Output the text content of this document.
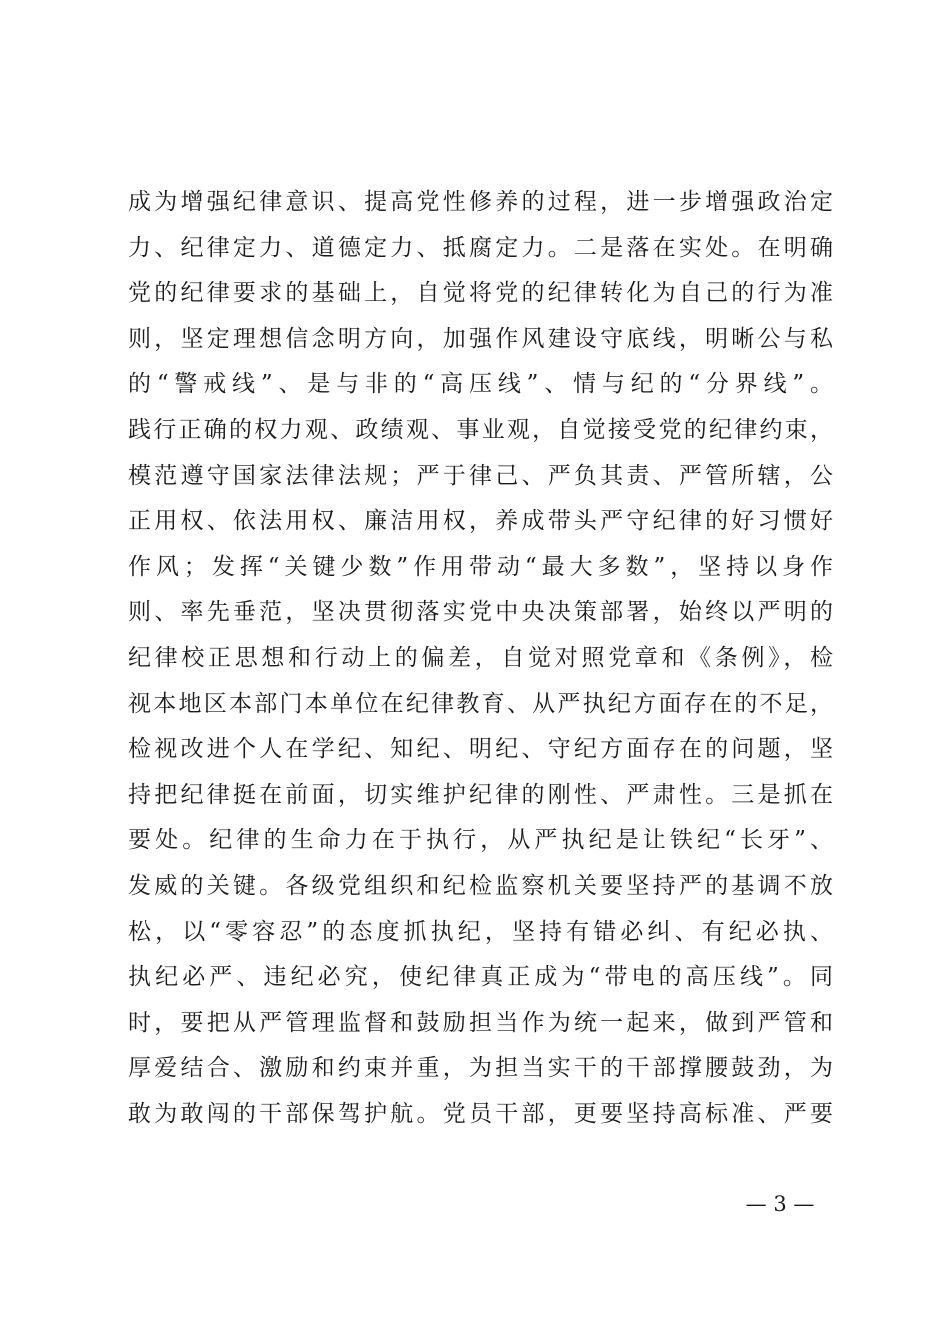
成为增强纪律意识、提高党性修养的过程，进一步增强政治定
力、纪律定力、道德定力、抵腐定力。二是落在实处。在明确
党的纪律要求的基础上，自觉将党的纪律转化为自己的行为准
则，坚定理想信念明方向，加强作风建设守底线，明晰公与私
的“警戒线”、是与非的“高压线”、情与纪的“分界线”。
践行正确的权力观、政绩观、事业观，自觉接受党的纪律约束，
模范遵守国家法律法规；严于律己、严负其责、严管所辖，公
正用权、依法用权、廉洁用权，养成带头严守纪律的好习惯好
作风；发挥“关键少数”作用带动“最大多数”，坚持以身作
则、率先垂范，坚决贯彻落实党中央决策部署，始终以严明的
纪律校正思想和行动上的偏差，自觉对照党章和《条例》，检
视本地区本部门本单位在纪律教育、从严执纪方面存在的不足，
检视改进个人在学纪、知纪、明纪、守纪方面存在的问题，坚
持把纪律挺在前面，切实维护纪律的刚性、严肃性。三是抓在
要处。纪律的生命力在于执行，从严执纪是让铁纪“长牙”、
发威的关键。各级党组织和纪检监察机关要坚持严的基调不放
松，以“零容忍”的态度抓执纪，坚持有错必纠、有纪必执、
执纪必严、违纪必究，使纪律真正成为“带电的高压线”。同
时，要把从严管理监督和鼓励担当作为统一起来，做到严管和
厚爱结合、激励和约束并重，为担当实干的干部撑腰鼓劲，为
敢为敢闯的干部保驾护航。党员干部，更要坚持高标准、严要
— 3 —
